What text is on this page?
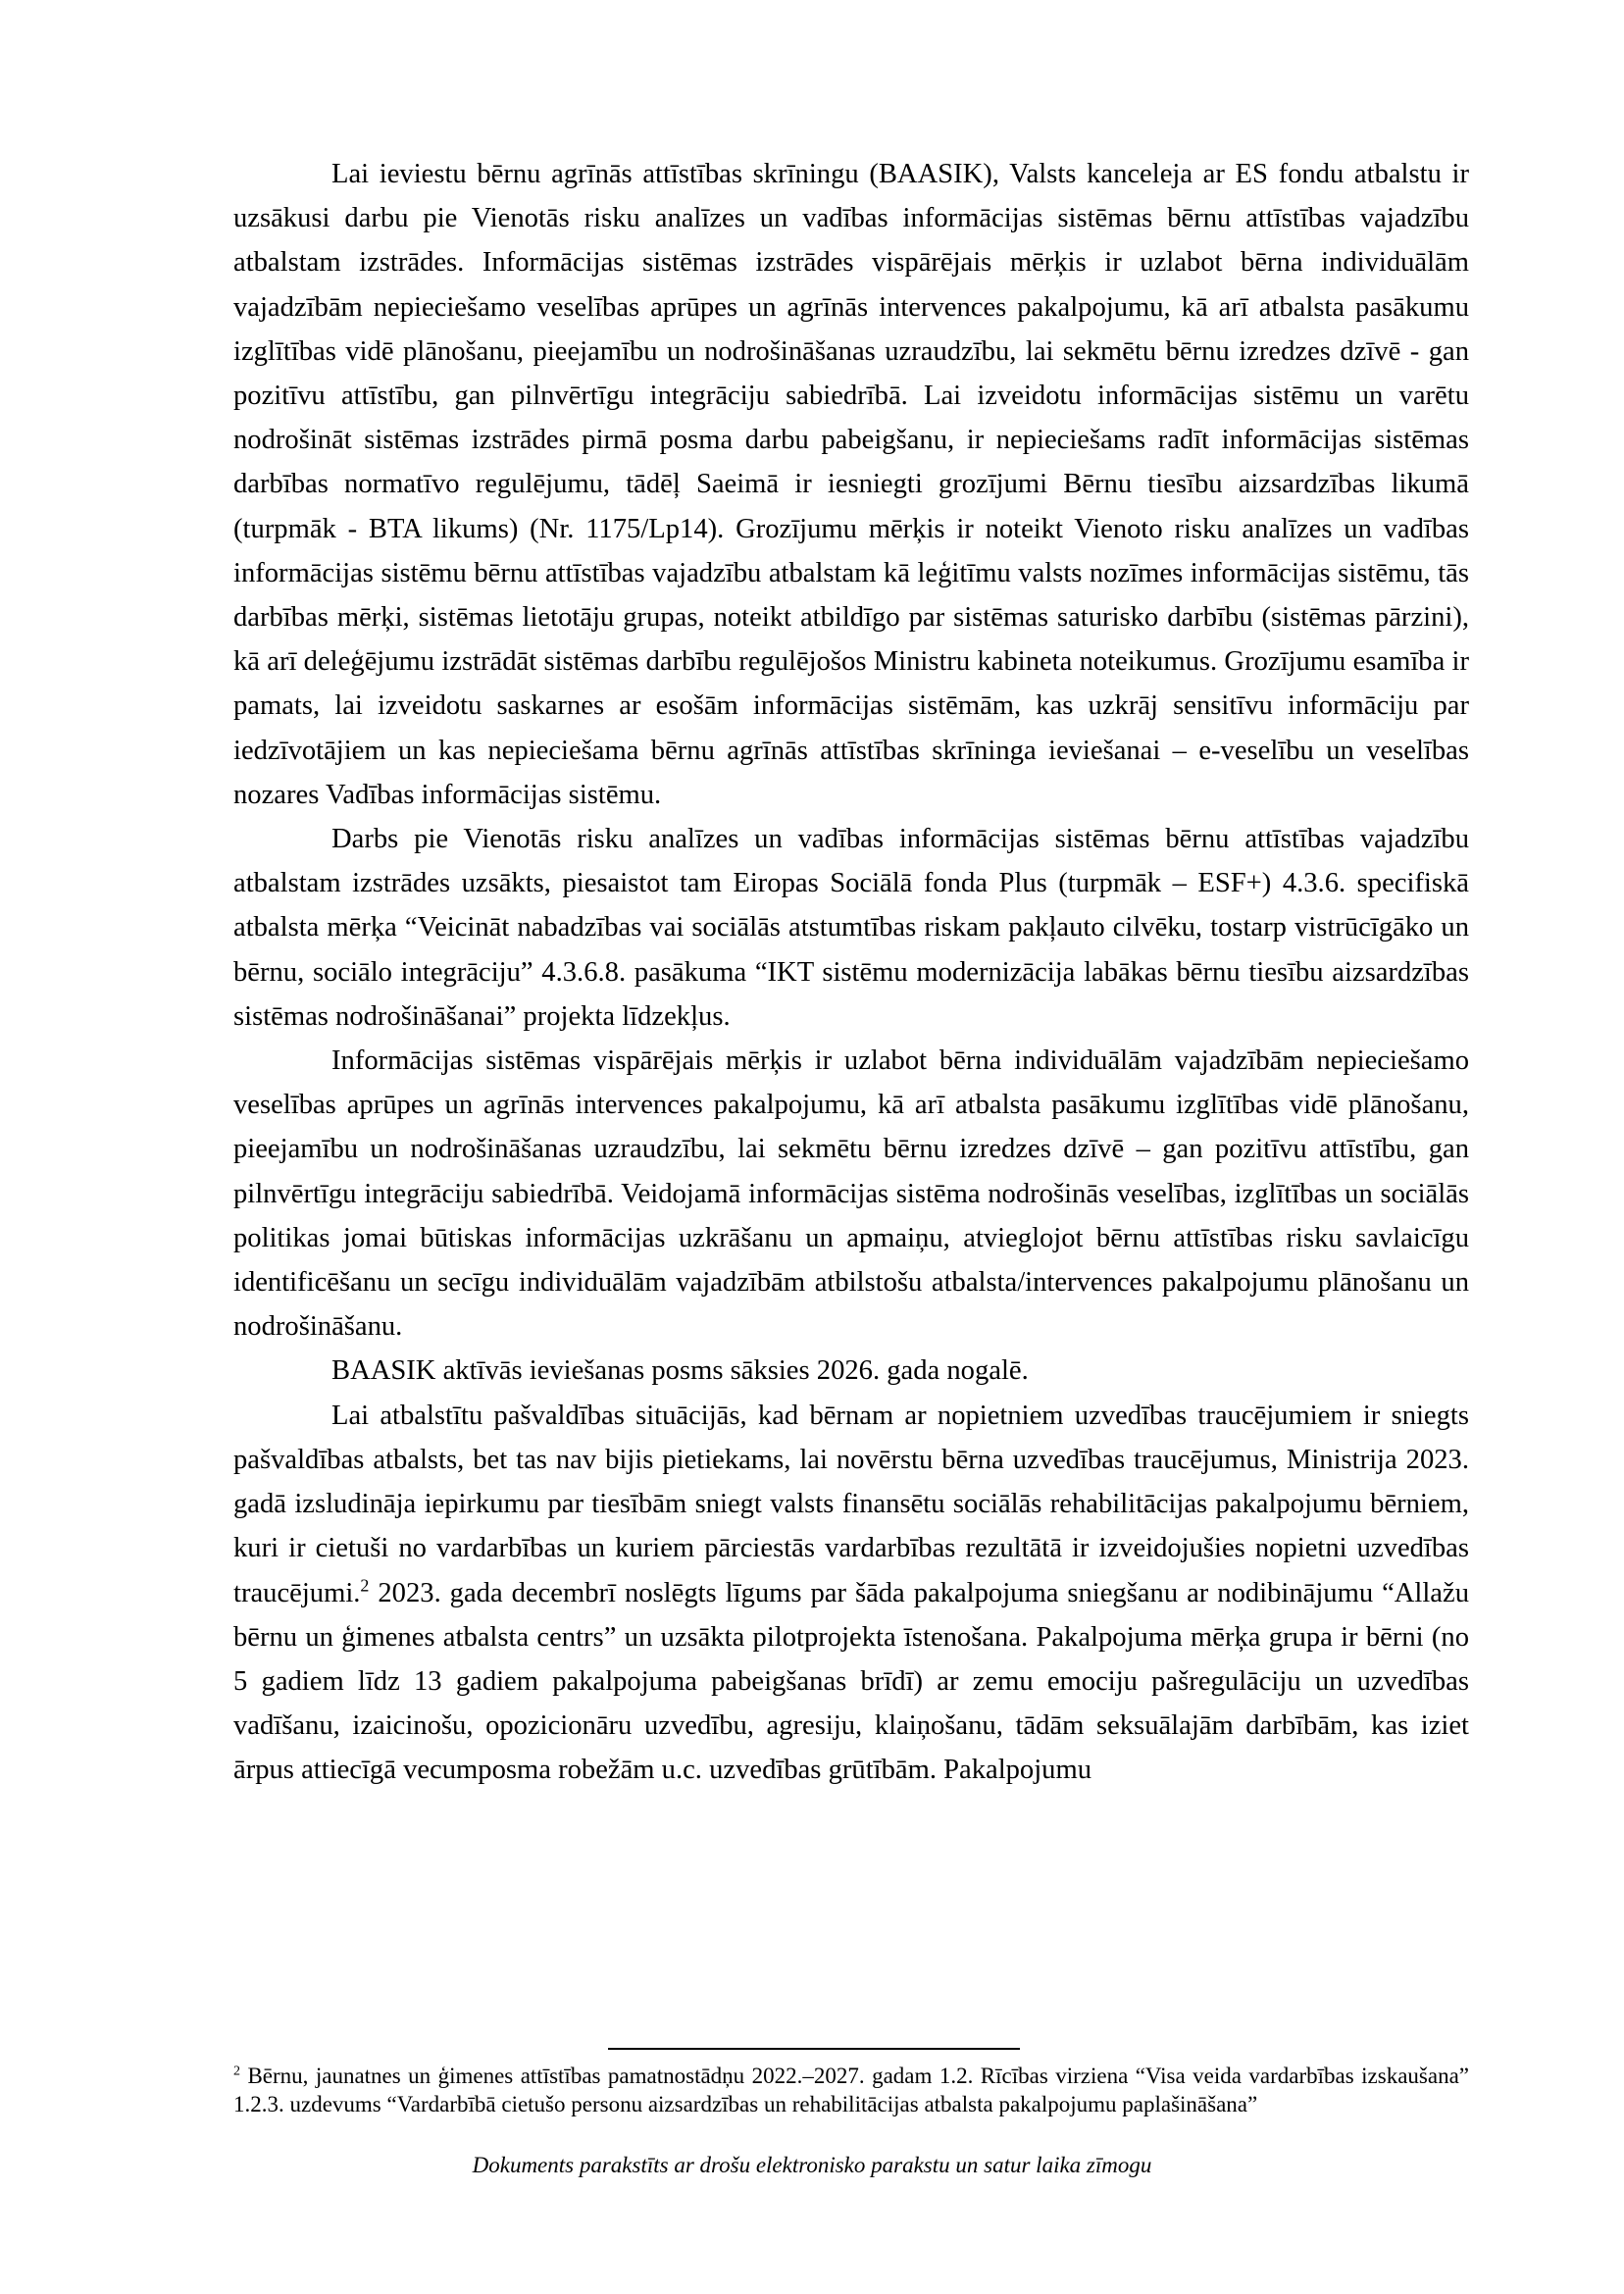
Lai ieviestu bērnu agrīnās attīstības skrīningu (BAASIK), Valsts kanceleja ar ES fondu atbalstu ir uzsākusi darbu pie Vienotās risku analīzes un vadības informācijas sistēmas bērnu attīstības vajadzību atbalstam izstrādes. Informācijas sistēmas izstrādes vispārējais mērķis ir uzlabot bērna individuālām vajadzībām nepieciešamo veselības aprūpes un agrīnās intervences pakalpojumu, kā arī atbalsta pasākumu izglītības vidē plānošanu, pieejamību un nodrošināšanas uzraudzību, lai sekmētu bērnu izredzes dzīvē - gan pozitīvu attīstību, gan pilnvērtīgu integrāciju sabiedrībā. Lai izveidotu informācijas sistēmu un varētu nodrošināt sistēmas izstrādes pirmā posma darbu pabeigšanu, ir nepieciešams radīt informācijas sistēmas darbības normatīvo regulējumu, tādēļ Saeimā ir iesniegti grozījumi Bērnu tiesību aizsardzības likumā (turpmāk - BTA likums) (Nr. 1175/Lp14). Grozījumu mērķis ir noteikt Vienoto risku analīzes un vadības informācijas sistēmu bērnu attīstības vajadzību atbalstam kā leģitīmu valsts nozīmes informācijas sistēmu, tās darbības mērķi, sistēmas lietotāju grupas, noteikt atbildīgo par sistēmas saturisko darbību (sistēmas pārzini), kā arī deleģējumu izstrādāt sistēmas darbību regulējošos Ministru kabineta noteikumus. Grozījumu esamība ir pamats, lai izveidotu saskarnes ar esošām informācijas sistēmām, kas uzkrāj sensitīvu informāciju par iedzīvotājiem un kas nepieciešama bērnu agrīnās attīstības skrīninga ieviešanai – e-veselību un veselības nozares Vadības informācijas sistēmu.

Darbs pie Vienotās risku analīzes un vadības informācijas sistēmas bērnu attīstības vajadzību atbalstam izstrādes uzsākts, piesaistot tam Eiropas Sociālā fonda Plus (turpmāk – ESF+) 4.3.6. specifiskā atbalsta mērķa “Veicināt nabadzības vai sociālās atstumtības riskam pakļauto cilvēku, tostarp vistrūcīgāko un bērnu, sociālo integrāciju” 4.3.6.8. pasākuma “IKT sistēmu modernizācija labākas bērnu tiesību aizsardzības sistēmas nodrošināšanai” projekta līdzekļus.

Informācijas sistēmas vispārējais mērķis ir uzlabot bērna individuālām vajadzībām nepieciešamo veselības aprūpes un agrīnās intervences pakalpojumu, kā arī atbalsta pasākumu izglītības vidē plānošanu, pieejamību un nodrošināšanas uzraudzību, lai sekmētu bērnu izredzes dzīvē – gan pozitīvu attīstību, gan pilnvērtīgu integrāciju sabiedrībā. Veidojamā informācijas sistēma nodrošinās veselības, izglītības un sociālās politikas jomai būtiskas informācijas uzkrāšanu un apmaiņu, atvieglojot bērnu attīstības risku savlaicīgu identificēšanu un secīgu individuālām vajadzībām atbilstošu atbalsta/intervences pakalpojumu plānošanu un nodrošināšanu.

BAASIK aktīvās ieviešanas posms sāksies 2026. gada nogalē.

Lai atbalstītu pašvaldības situācijās, kad bērnam ar nopietniem uzvedības traucējumiem ir sniegts pašvaldības atbalsts, bet tas nav bijis pietiekams, lai novērstu bērna uzvedības traucējumus, Ministrija 2023. gadā izsludināja iepirkumu par tiesībām sniegt valsts finansētu sociālās rehabilitācijas pakalpojumu bērniem, kuri ir cietuši no vardarbības un kuriem pārciestās vardarbības rezultātā ir izveidojušies nopietni uzvedības traucējumi.$^2$ 2023. gada decembrī noslēgts līgums par šāda pakalpojuma sniegšanu ar nodibinājumu “Allažu bērnu un ģimenes atbalsta centrs” un uzsākta pilotprojekta īstenošana. Pakalpojuma mērķa grupa ir bērni (no 5 gadiem līdz 13 gadiem pakalpojuma pabeigšanas brīdī) ar zemu emociju pašregulāciju un uzvedības vadīšanu, izaicinošu, opozicionāru uzvedību, agresiju, klaiņošanu, tādām seksuālajām darbībām, kas iziet ārpus attiecīgā vecumposma robežām u.c. uzvedības grūtībām. Pakalpojumu

$^2$ Bērnu, jaunatnes un ģimenes attīstības pamatnostādņu 2022.–2027. gadam 1.2. Rīcības virziena “Visa veida vardarbības izskaušana” 1.2.3. uzdevums “Vardarbībā cietušo personu aizsardzības un rehabilitācijas atbalsta pakalpojumu paplašināšana”
Dokuments parakstīts ar drošu elektronisko parakstu un satur laika zīmogu
